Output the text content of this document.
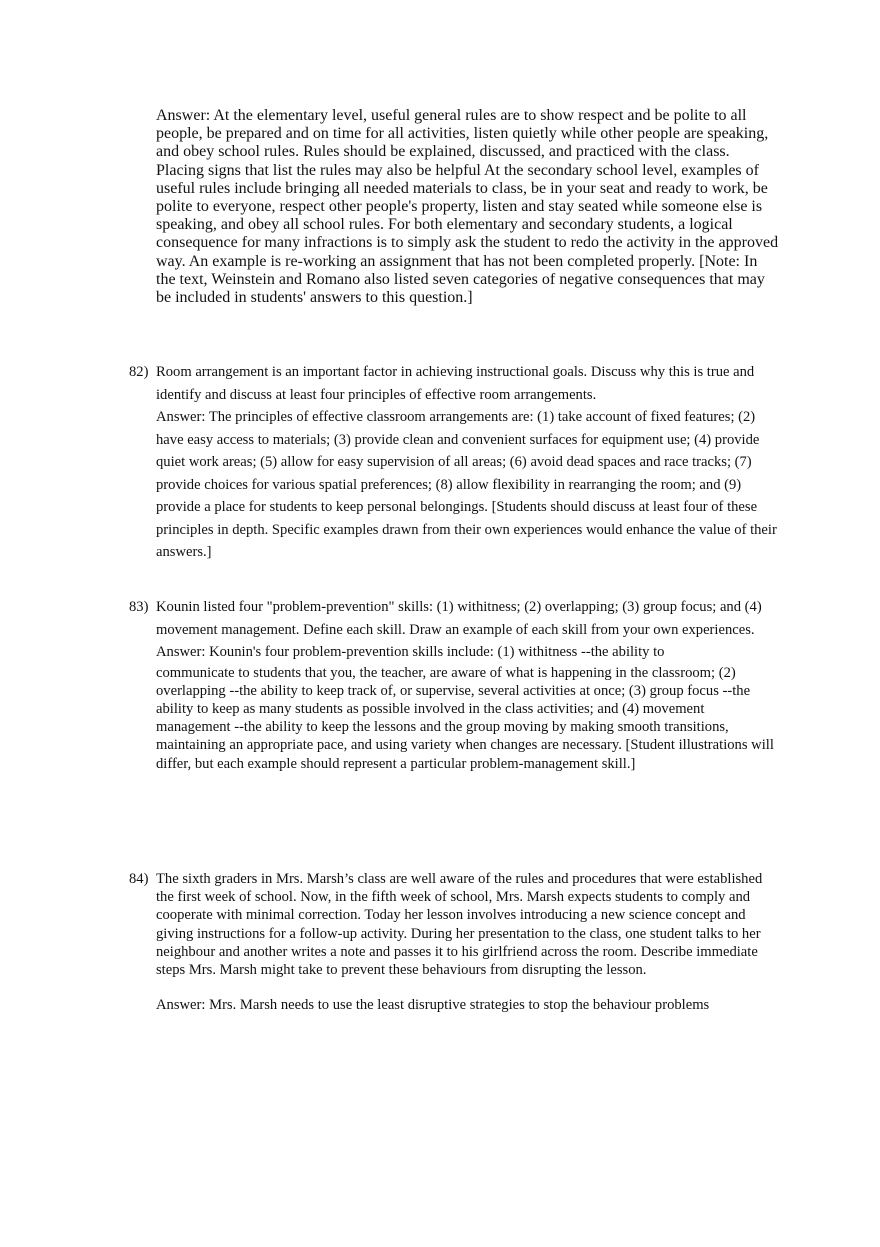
Answer: At the elementary level, useful general rules are to show respect and be polite to all people, be prepared and on time for all activities, listen quietly while other people are speaking, and obey school rules. Rules should be explained, discussed, and practiced with the class. Placing signs that list the rules may also be helpful At the secondary school level, examples of useful rules include bringing all needed materials to class, be in your seat and ready to work, be polite to everyone, respect other people's property, listen and stay seated while someone else is speaking, and obey all school rules. For both elementary and secondary students, a logical consequence for many infractions is to simply ask the student to redo the activity in the approved way. An example is re-working an assignment that has not been completed properly. [Note: In the text, Weinstein and Romano also listed seven categories of negative consequences that may be included in students' answers to this question.]

82) Room arrangement is an important factor in achieving instructional goals. Discuss why this is true and identify and discuss at least four principles of effective room arrangements.

Answer: The principles of effective classroom arrangements are: (1) take account of fixed features; (2) have easy access to materials; (3) provide clean and convenient surfaces for equipment use; (4) provide quiet work areas; (5) allow for easy supervision of all areas; (6) avoid dead spaces and race tracks; (7) provide choices for various spatial preferences; (8) allow flexibility in rearranging the room; and (9) provide a place for students to keep personal belongings. [Students should discuss at least four of these principles in depth. Specific examples drawn from their own experiences would enhance the value of their answers.]

83) Kounin listed four "problem-prevention" skills: (1) withitness; (2) overlapping; (3) group focus; and (4) movement management. Define each skill. Draw an example of each skill from your own experiences.

Answer: Kounin's four problem-prevention skills include: (1) withitness --the ability to

communicate to students that you, the teacher, are aware of what is happening in the classroom; (2) overlapping --the ability to keep track of, or supervise, several activities at once; (3) group focus --the ability to keep as many students as possible involved in the class activities; and (4) movement management --the ability to keep the lessons and the group moving by making smooth transitions, maintaining an appropriate pace, and using variety when changes are necessary. [Student illustrations will differ, but each example should represent a particular problem-management skill.]

84) The sixth graders in Mrs. Marsh’s class are well aware of the rules and procedures that were established the first week of school. Now, in the fifth week of school, Mrs. Marsh expects students to comply and cooperate with minimal correction. Today her lesson involves introducing a new science concept and giving instructions for a follow-up activity. During her presentation to the class, one student talks to her neighbour and another writes a note and passes it to his girlfriend across the room. Describe immediate steps Mrs. Marsh might take to prevent these behaviours from disrupting the lesson.

Answer: Mrs. Marsh needs to use the least disruptive strategies to stop the behaviour problems
